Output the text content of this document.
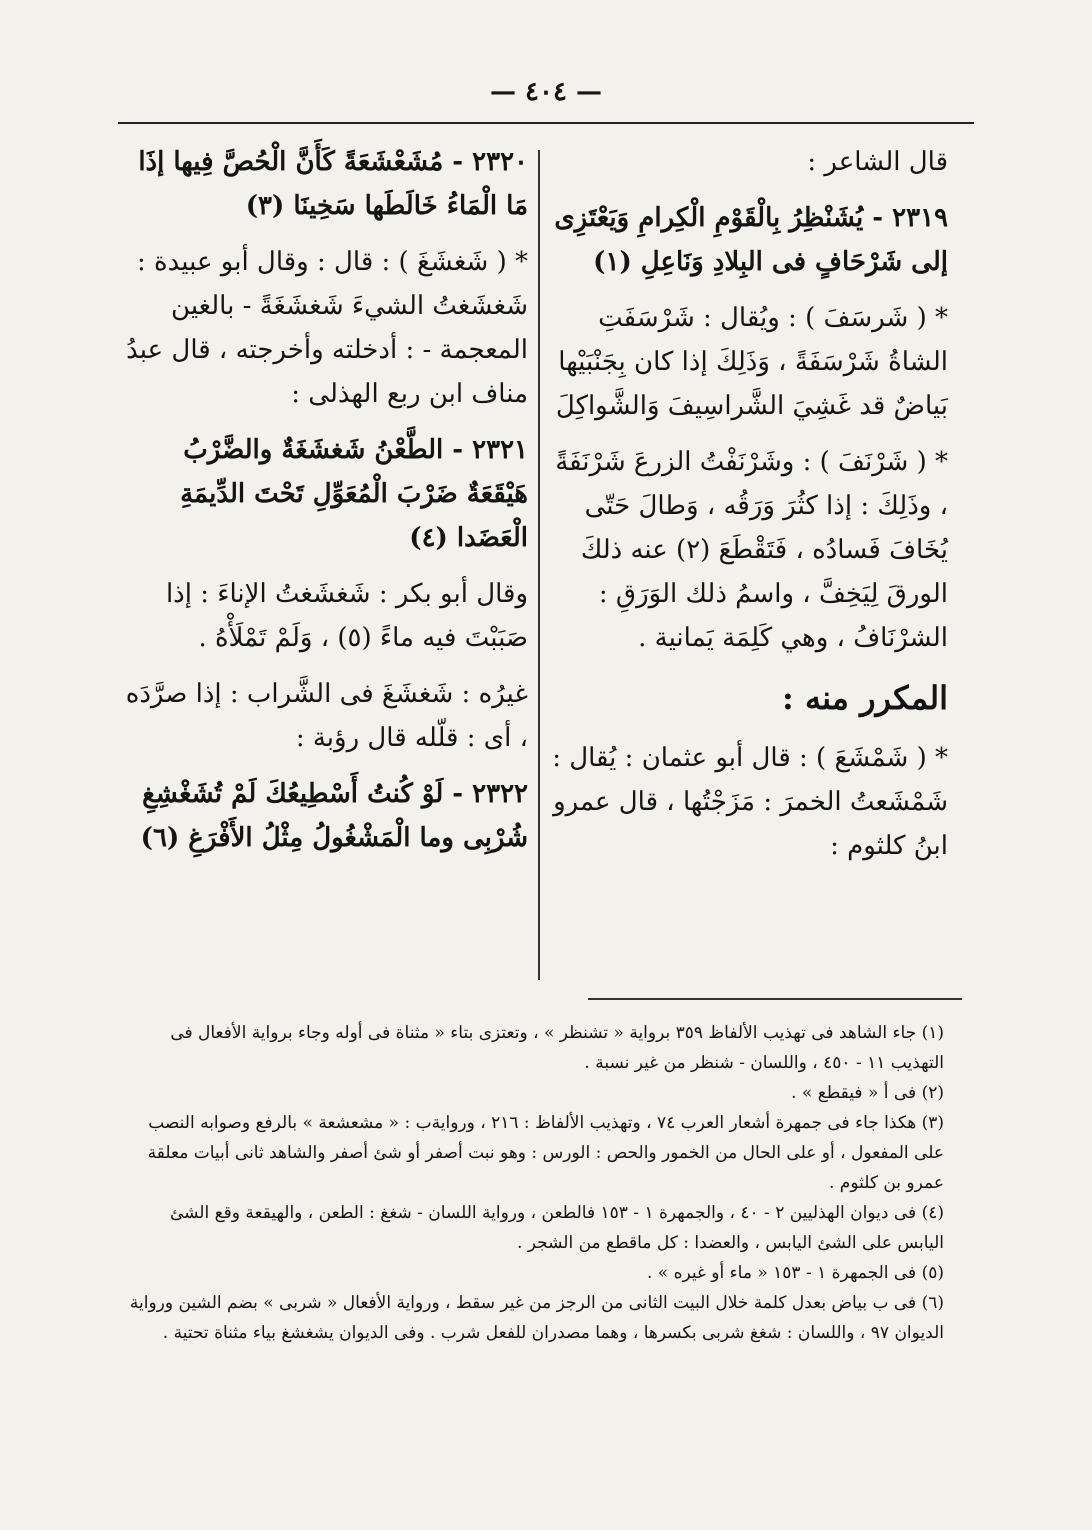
— ٤٠٤ —

قال الشاعر :

٢٣١٩ - يُشَنْظِرُ بِالْقَوْمِ الْكِرامِ وَيَعْتَزِى إلى شَرْحَافٍ فى البِلادِ وَنَاعِلِ (١)

* ( شَرسَفَ ) : ويُقال : شَرْسَفَتِ الشاةُ شَرْسَفَةً ، وَذَلِكَ إذا كان بِجَنْبَيْها بَياضٌ قد غَشِيَ الشَّراسِيفَ وَالشَّواكِلَ

* ( شَرْنَفَ ) : وشَرْنَفْتُ الزرعَ شَرْنَفَةً ، وذَلِكَ : إذا كثُرَ وَرَقُه ، وَطالَ حَتّى يُخَافَ فَسادُه ، فَتَقْطَعَ (٢) عنه ذلكَ الورقَ لِيَخِفَّ ، واسمُ ذلك الوَرَقِ : الشرْنَافُ ، وهي كَلِمَة يَمانية .

المكرر منه :

* ( شَمْشَعَ ) : قال أبو عثمان : يُقال : شَمْشَعتُ الخمرَ : مَزَجْتُها ، قال عمرو ابنُ كلثوم :

٢٣٢٠ - مُشَعْشَعَةً كَأَنَّ الْحُصَّ فِيها إذَا مَا الْمَاءُ خَالَطَها سَخِينَا (٣)

* ( شَغشَغَ ) : قال : وقال أبو عبيدة : شَغشَغتُ الشيءَ شَغشَغَةً - بالغين المعجمة - : أدخلته وأخرجته ، قال عبدُ مناف ابن ربع الهذلى :

٢٣٢١ - الطَّعْنُ شَغشَغَةٌ والضَّرْبُ هَيْقَعَةٌ ضَرْبَ الْمُعَوِّلِ تَحْتَ الدِّيمَةِ الْعَضَدا (٤)

وقال أبو بكر : شَغشَغتُ الإناءَ : إذا صَبَبْتَ فيه ماءً (٥) ، وَلَمْ تَمْلَأْهُ .

غيرُه : شَغشَغَ فى الشَّراب : إذا صرَّدَه ، أى : قلّله قال رؤبة :

٢٣٢٢ - لَوْ كُنتُ أَسْطِيعُكَ لَمْ تُشَغْشِغِ شُرْبِى وما الْمَشْغُولُ مِثْلُ الأَفْرَغِ (٦)

(١) جاء الشاهد فى تهذيب الألفاظ ٣٥٩ برواية « تشنظر » ، وتعتزى بتاء « مثناة فى أوله وجاء برواية الأفعال فى التهذيب ١١ - ٤٥٠ ، واللسان - شنظر من غير نسبة .

(٢) فى أ « فيقطع » .

(٣) هكذا جاء فى جمهرة أشعار العرب ٧٤ ، وتهذيب الألفاظ : ٢١٦ ، وروايةب : « مشعشعة » بالرفع وصوابه النصب على المفعول ، أو على الحال من الخمور والحص : الورس : وهو نبت أصفر أو شئ أصفر والشاهد ثانى أبيات معلقة عمرو بن كلثوم .

(٤) فى ديوان الهذليين ٢ - ٤٠ ، والجمهرة ١ - ١٥٣ فالطعن ، ورواية اللسان - شغغ : الطعن ، والهيقعة وقع الشئ اليابس على الشئ اليابس ، والعضدا : كل ماقطع من الشجر .

(٥) فى الجمهرة ١ - ١٥٣ « ماء أو غيره » .

(٦) فى ب بياض بعدل كلمة خلال البيت الثانى من الرجز من غير سقط ، ورواية الأفعال « شربى » بضم الشين ورواية الديوان ٩٧ ، واللسان : شغغ شربى بكسرها ، وهما مصدران للفعل شرب . وفى الديوان يشغشغ بياء مثناة تحتية .
